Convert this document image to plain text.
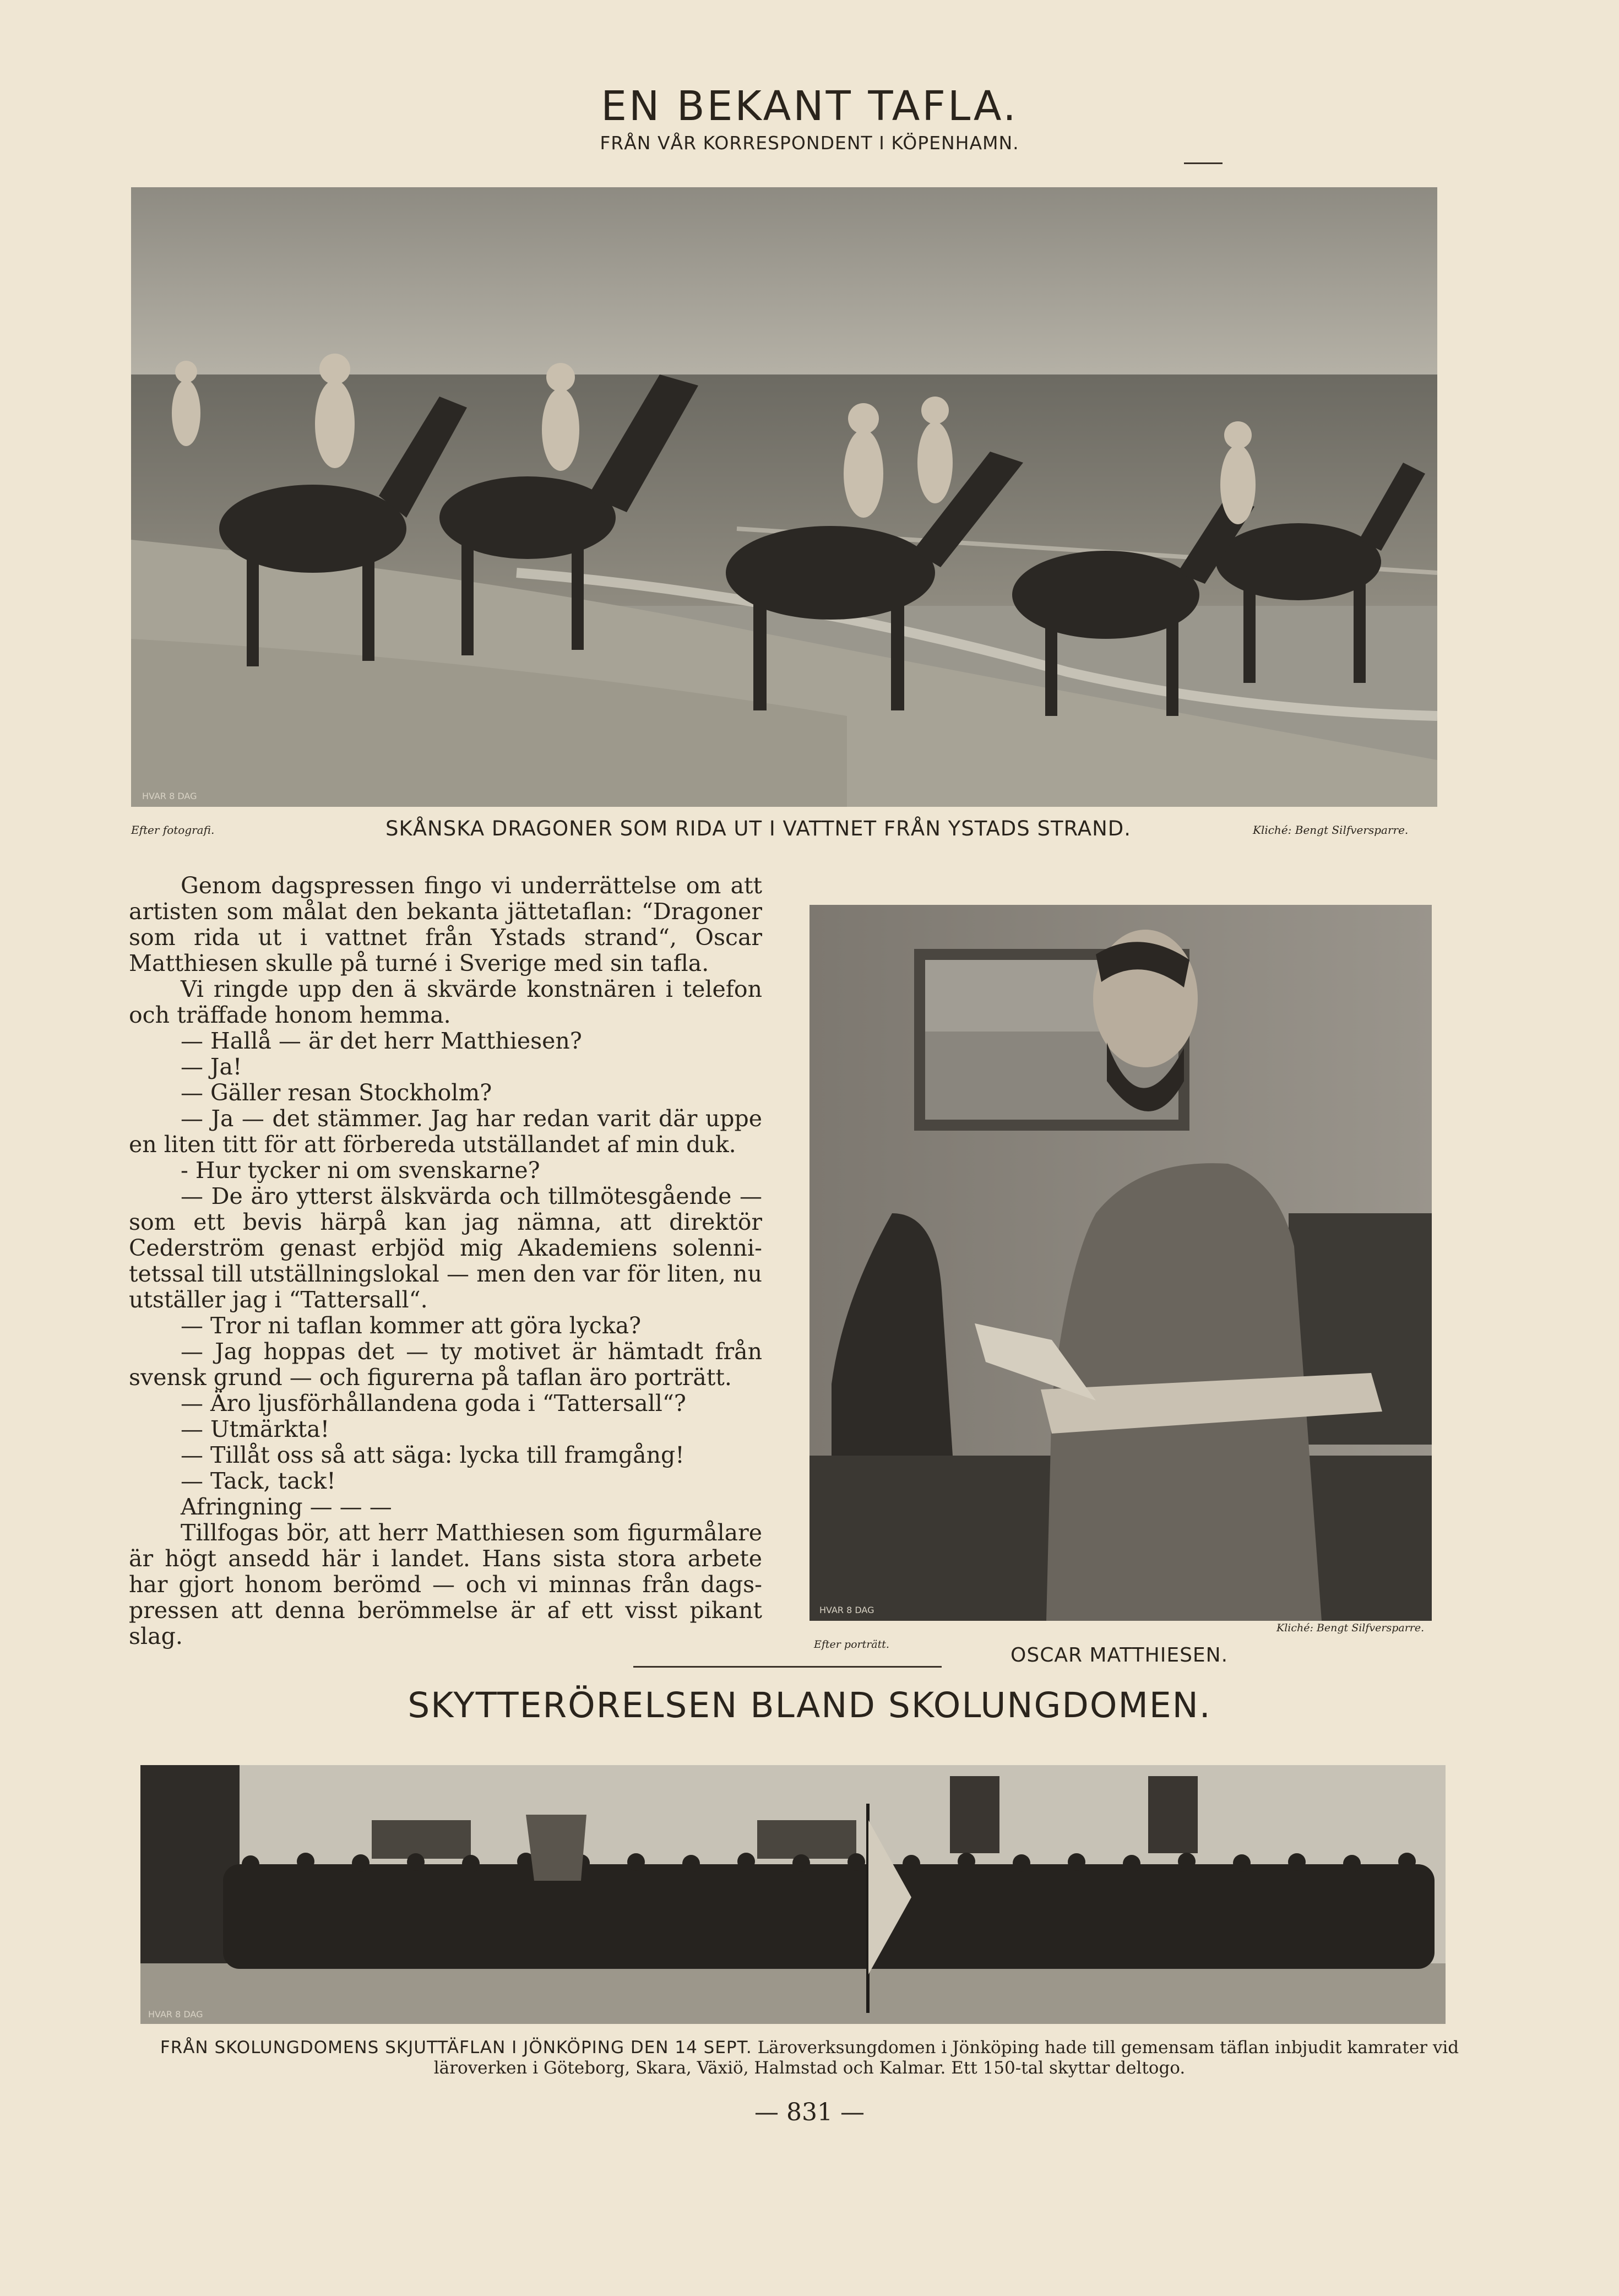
EN BEKANT TAFLA.
FRÅN VÅR KORRESPONDENT I KÖPENHAMN.
HVAR 8 DAG
Efter fotografi.	SKÅNSKA DRAGONER SOM RIDA UT I VATTNET FRÅN YSTADS STRAND.	Kliché: Bengt Silfversparre.

Genom dagspressen fingo vi underrättelse om att artisten som målat den bekanta jättetaflan: “Dragoner som rida ut i vattnet från Ystads strand“, Oscar Matthiesen skulle på turné i Sverige med sin tafla.

Vi ringde upp den ä skvärde konstnären i telefon och träffade honom hemma.

— Hallå — är det herr Matthiesen?

— Ja!

— Gäller resan Stockholm?

— Ja — det stämmer. Jag har redan varit där uppe en liten titt för att förbereda utställandet af min duk.

- Hur tycker ni om svenskarne?

— De äro ytterst älskvärda och tillmötesgående — som ett bevis härpå kan jag nämna, att direktör Cederström genast erbjöd mig Akademiens solenni-tetssal till utställningslokal — men den var för liten, nu utställer jag i “Tattersall“.

— Tror ni taflan kommer att göra lycka?

— Jag hoppas det — ty motivet är hämtadt från svensk grund — och figurerna på taflan äro porträtt.

— Äro ljusförhållandena goda i “Tattersall“?

— Utmärkta!

— Tillåt oss så att säga: lycka till framgång!

— Tack, tack!

Afringning — — —

Tillfogas bör, att herr Matthiesen som figurmålare är högt ansedd här i landet. Hans sista stora arbete har gjort honom berömd — och vi minnas från dags-pressen att denna berömmelse är af ett visst pikant slag.

HVAR 8 DAG
Efter porträtt.	OSCAR MATTHIESEN.
Kliché: Bengt Silfversparre.
SKYTTERÖRELSEN BLAND SKOLUNGDOMEN.
HVAR 8 DAG
FRÅN SKOLUNGDOMENS SKJUTTÄFLAN I JÖNKÖPING DEN 14 SEPT. Läroverksungdomen i Jönköping hade till gemensam täflan inbjudit kamrater vid läroverken i Göteborg, Skara, Växiö, Halmstad och Kalmar. Ett 150-tal skyttar deltogo.
— 831 —
